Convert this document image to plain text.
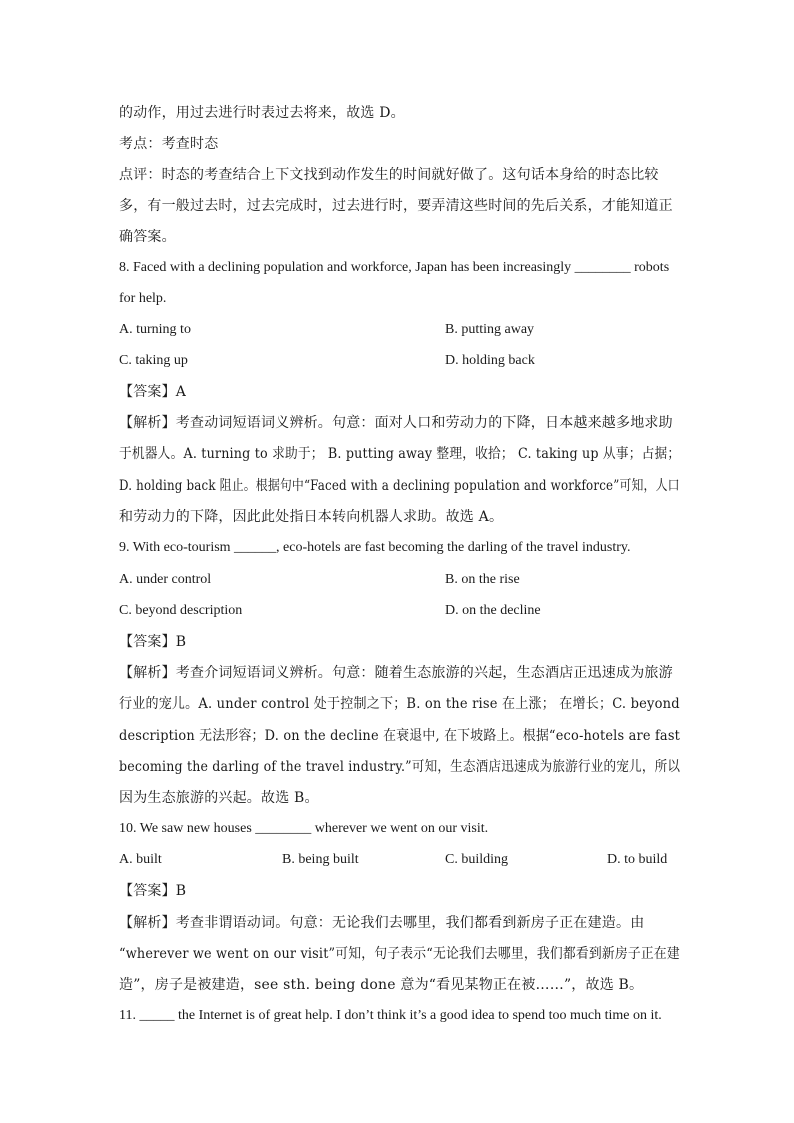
的动作，用过去进行时表过去将来，故选 D。
考点：考查时态
点评：时态的考查结合上下文找到动作发生的时间就好做了。这句话本身给的时态比较
多，有一般过去时，过去完成时，过去进行时，要弄清这些时间的先后关系，才能知道正
确答案。
8. Faced with a declining population and workforce, Japan has been increasingly ________ robots
for help.
A. turning to	B. putting away
C. taking up	D. holding back
【答案】A
【解析】考查动词短语词义辨析。句意：面对人口和劳动力的下降，日本越来越多地求助
于机器人。A. turning to 求助于； B. putting away 整理，收拾； C. taking up 从事；占据；
D. holding back 阻止。根据句中“Faced with a declining population and workforce”可知，人口
和劳动力的下降，因此此处指日本转向机器人求助。故选 A。
9. With eco-tourism ______, eco-hotels are fast becoming the darling of the travel industry.
A. under control	B. on the rise
C. beyond description	D. on the decline
【答案】B
【解析】考查介词短语词义辨析。句意：随着生态旅游的兴起，生态酒店正迅速成为旅游
行业的宠儿。A. under control 处于控制之下；B. on the rise 在上涨； 在增长；C. beyond
description 无法形容；D. on the decline 在衰退中, 在下坡路上。根据“eco-hotels are fast
becoming the darling of the travel industry.”可知，生态酒店迅速成为旅游行业的宠儿，所以
因为生态旅游的兴起。故选 B。
10. We saw new houses ________ wherever we went on our visit.
A. built	B. being built	C. building	D. to build
【答案】B
【解析】考查非谓语动词。句意：无论我们去哪里，我们都看到新房子正在建造。由
“wherever we went on our visit”可知，句子表示“无论我们去哪里，我们都看到新房子正在建
造”，房子是被建造，see sth. being done 意为“看见某物正在被……”，故选 B。
11. _____ the Internet is of great help. I don’t think it’s a good idea to spend too much time on it.
